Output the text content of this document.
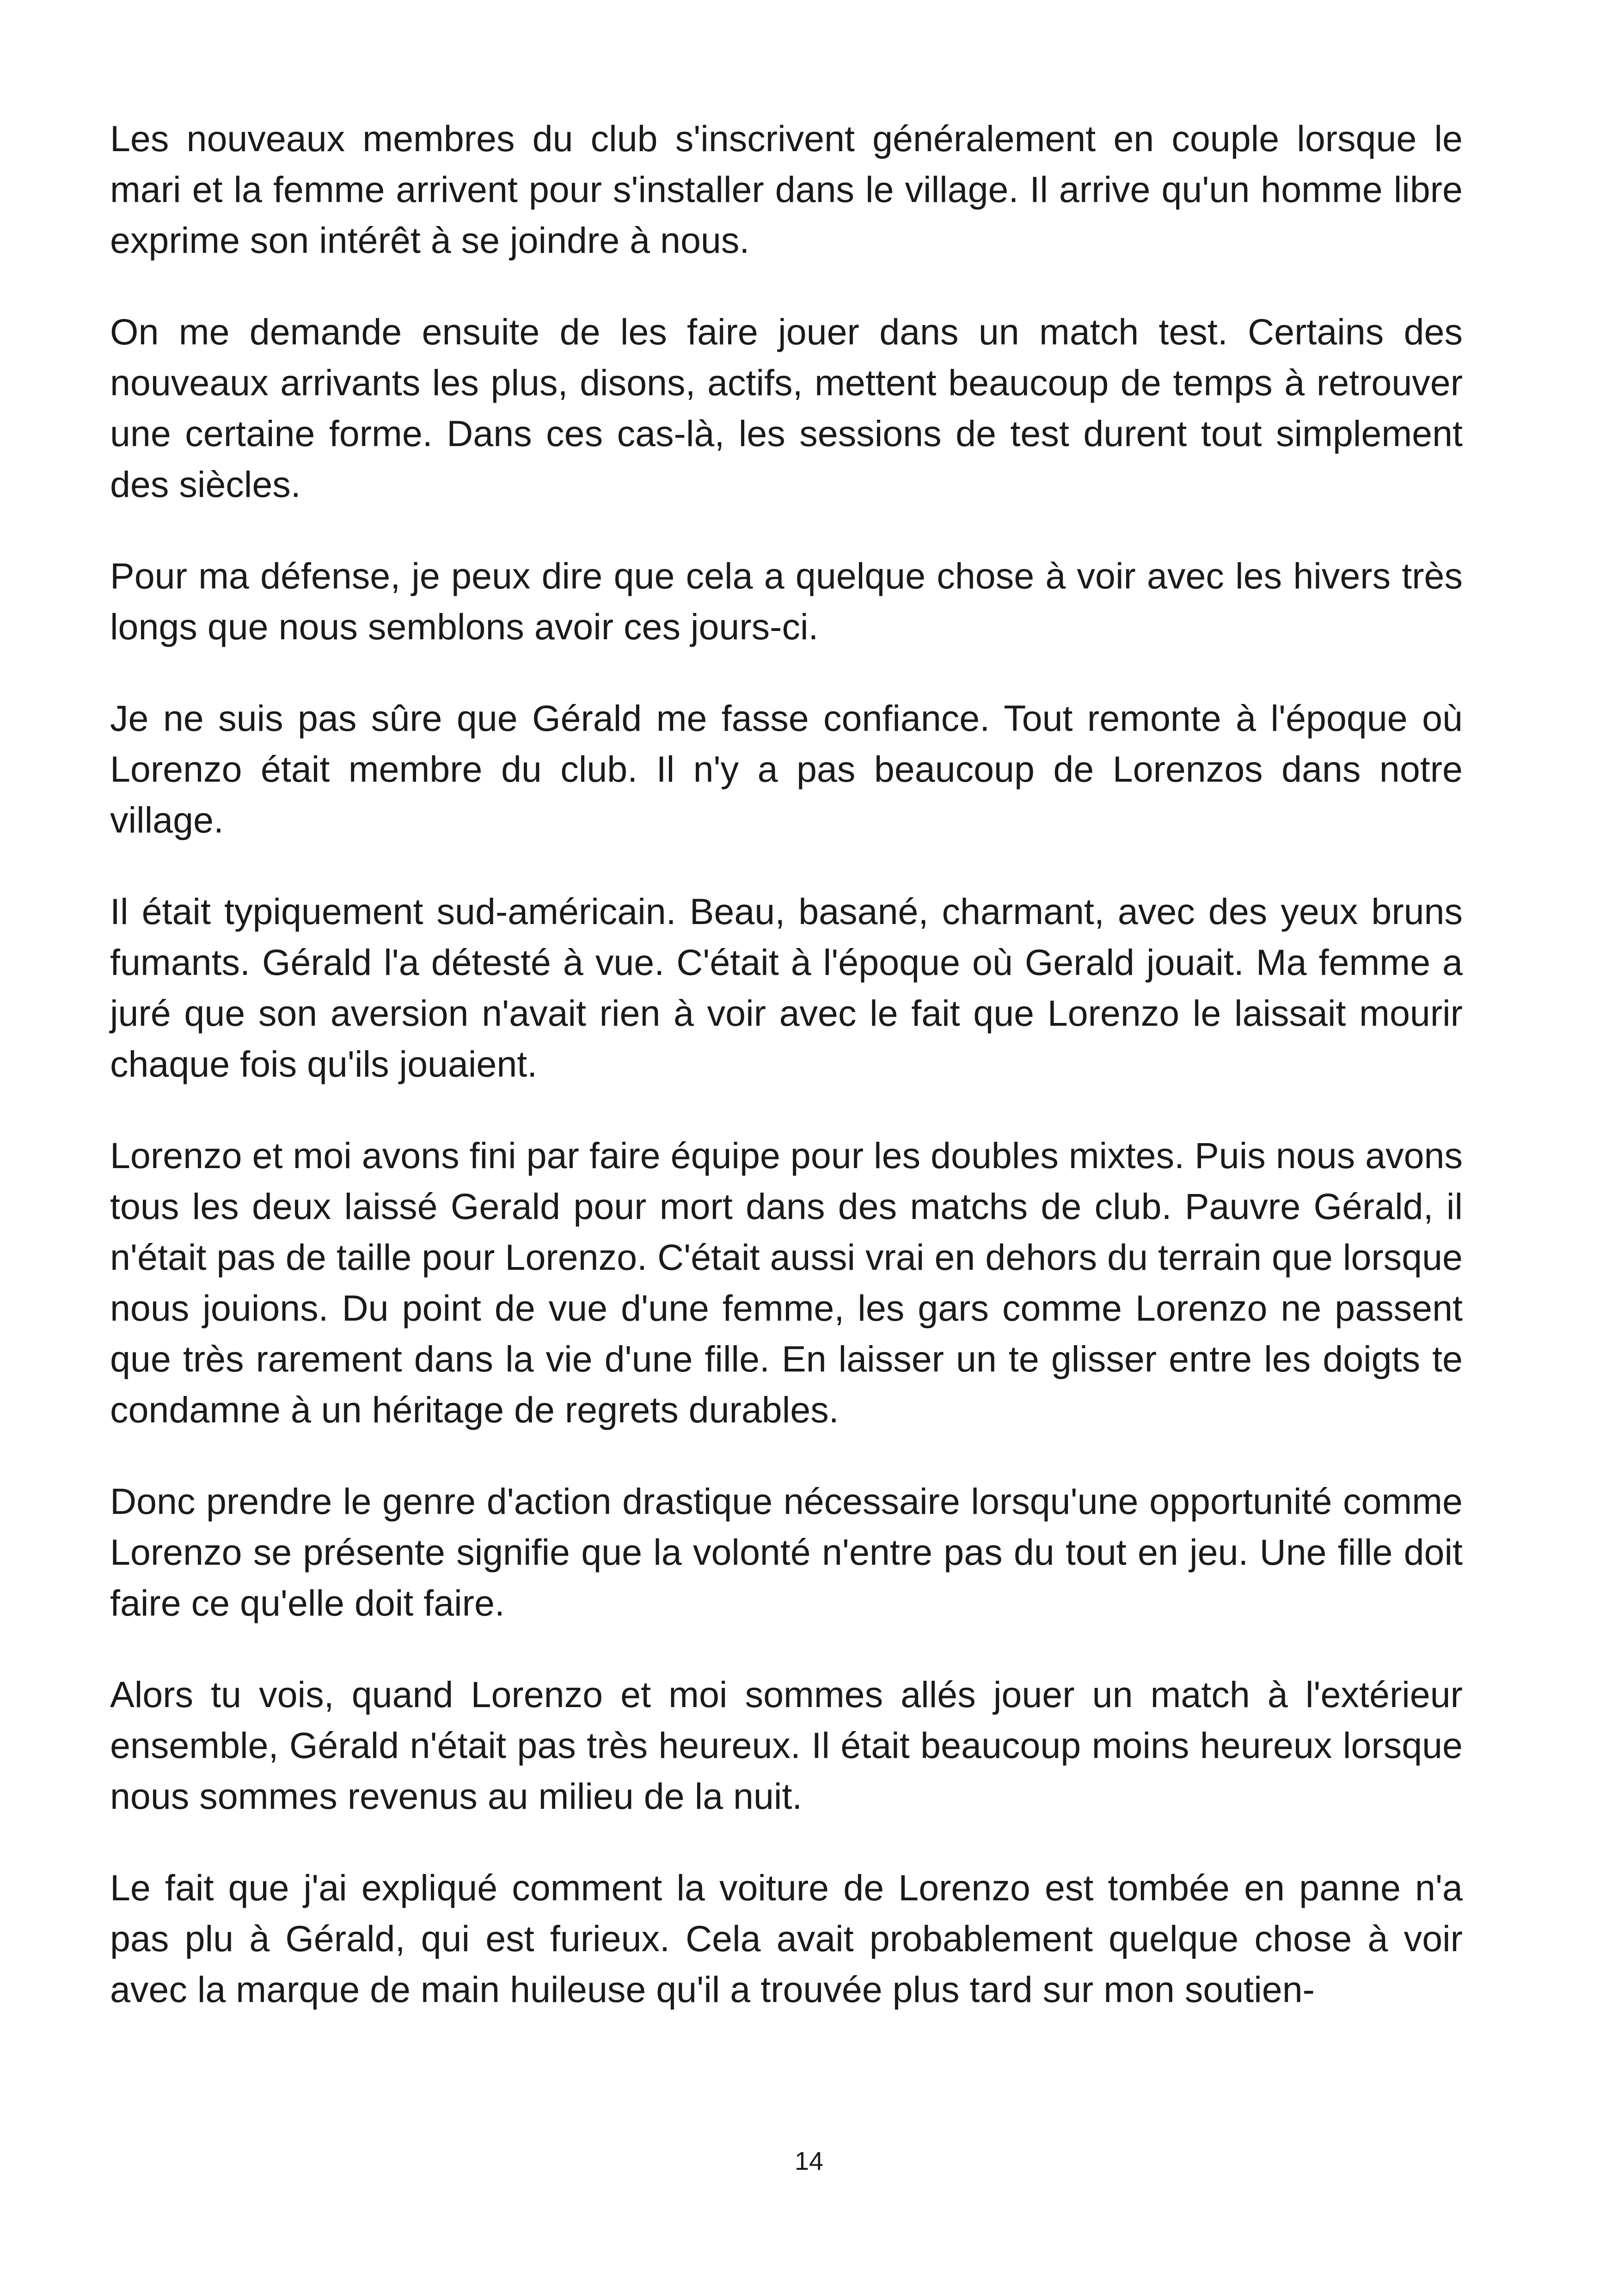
Les nouveaux membres du club s'inscrivent généralement en couple lorsque le mari et la femme arrivent pour s'installer dans le village. Il arrive qu'un homme libre exprime son intérêt à se joindre à nous.

On me demande ensuite de les faire jouer dans un match test. Certains des nouveaux arrivants les plus, disons, actifs, mettent beaucoup de temps à retrouver une certaine forme. Dans ces cas-là, les sessions de test durent tout simplement des siècles.

Pour ma défense, je peux dire que cela a quelque chose à voir avec les hivers très longs que nous semblons avoir ces jours-ci.

Je ne suis pas sûre que Gérald me fasse confiance. Tout remonte à l'époque où Lorenzo était membre du club. Il n'y a pas beaucoup de Lorenzos dans notre village.

Il était typiquement sud-américain. Beau, basané, charmant, avec des yeux bruns fumants. Gérald l'a détesté à vue. C'était à l'époque où Gerald jouait. Ma femme a juré que son aversion n'avait rien à voir avec le fait que Lorenzo le laissait mourir chaque fois qu'ils jouaient.

Lorenzo et moi avons fini par faire équipe pour les doubles mixtes. Puis nous avons tous les deux laissé Gerald pour mort dans des matchs de club. Pauvre Gérald, il n'était pas de taille pour Lorenzo. C'était aussi vrai en dehors du terrain que lorsque nous jouions. Du point de vue d'une femme, les gars comme Lorenzo ne passent que très rarement dans la vie d'une fille. En laisser un te glisser entre les doigts te condamne à un héritage de regrets durables.

Donc prendre le genre d'action drastique nécessaire lorsqu'une opportunité comme Lorenzo se présente signifie que la volonté n'entre pas du tout en jeu. Une fille doit faire ce qu'elle doit faire.

Alors tu vois, quand Lorenzo et moi sommes allés jouer un match à l'extérieur ensemble, Gérald n'était pas très heureux. Il était beaucoup moins heureux lorsque nous sommes revenus au milieu de la nuit.

Le fait que j'ai expliqué comment la voiture de Lorenzo est tombée en panne n'a pas plu à Gérald, qui est furieux. Cela avait probablement quelque chose à voir avec la marque de main huileuse qu'il a trouvée plus tard sur mon soutien-

14
